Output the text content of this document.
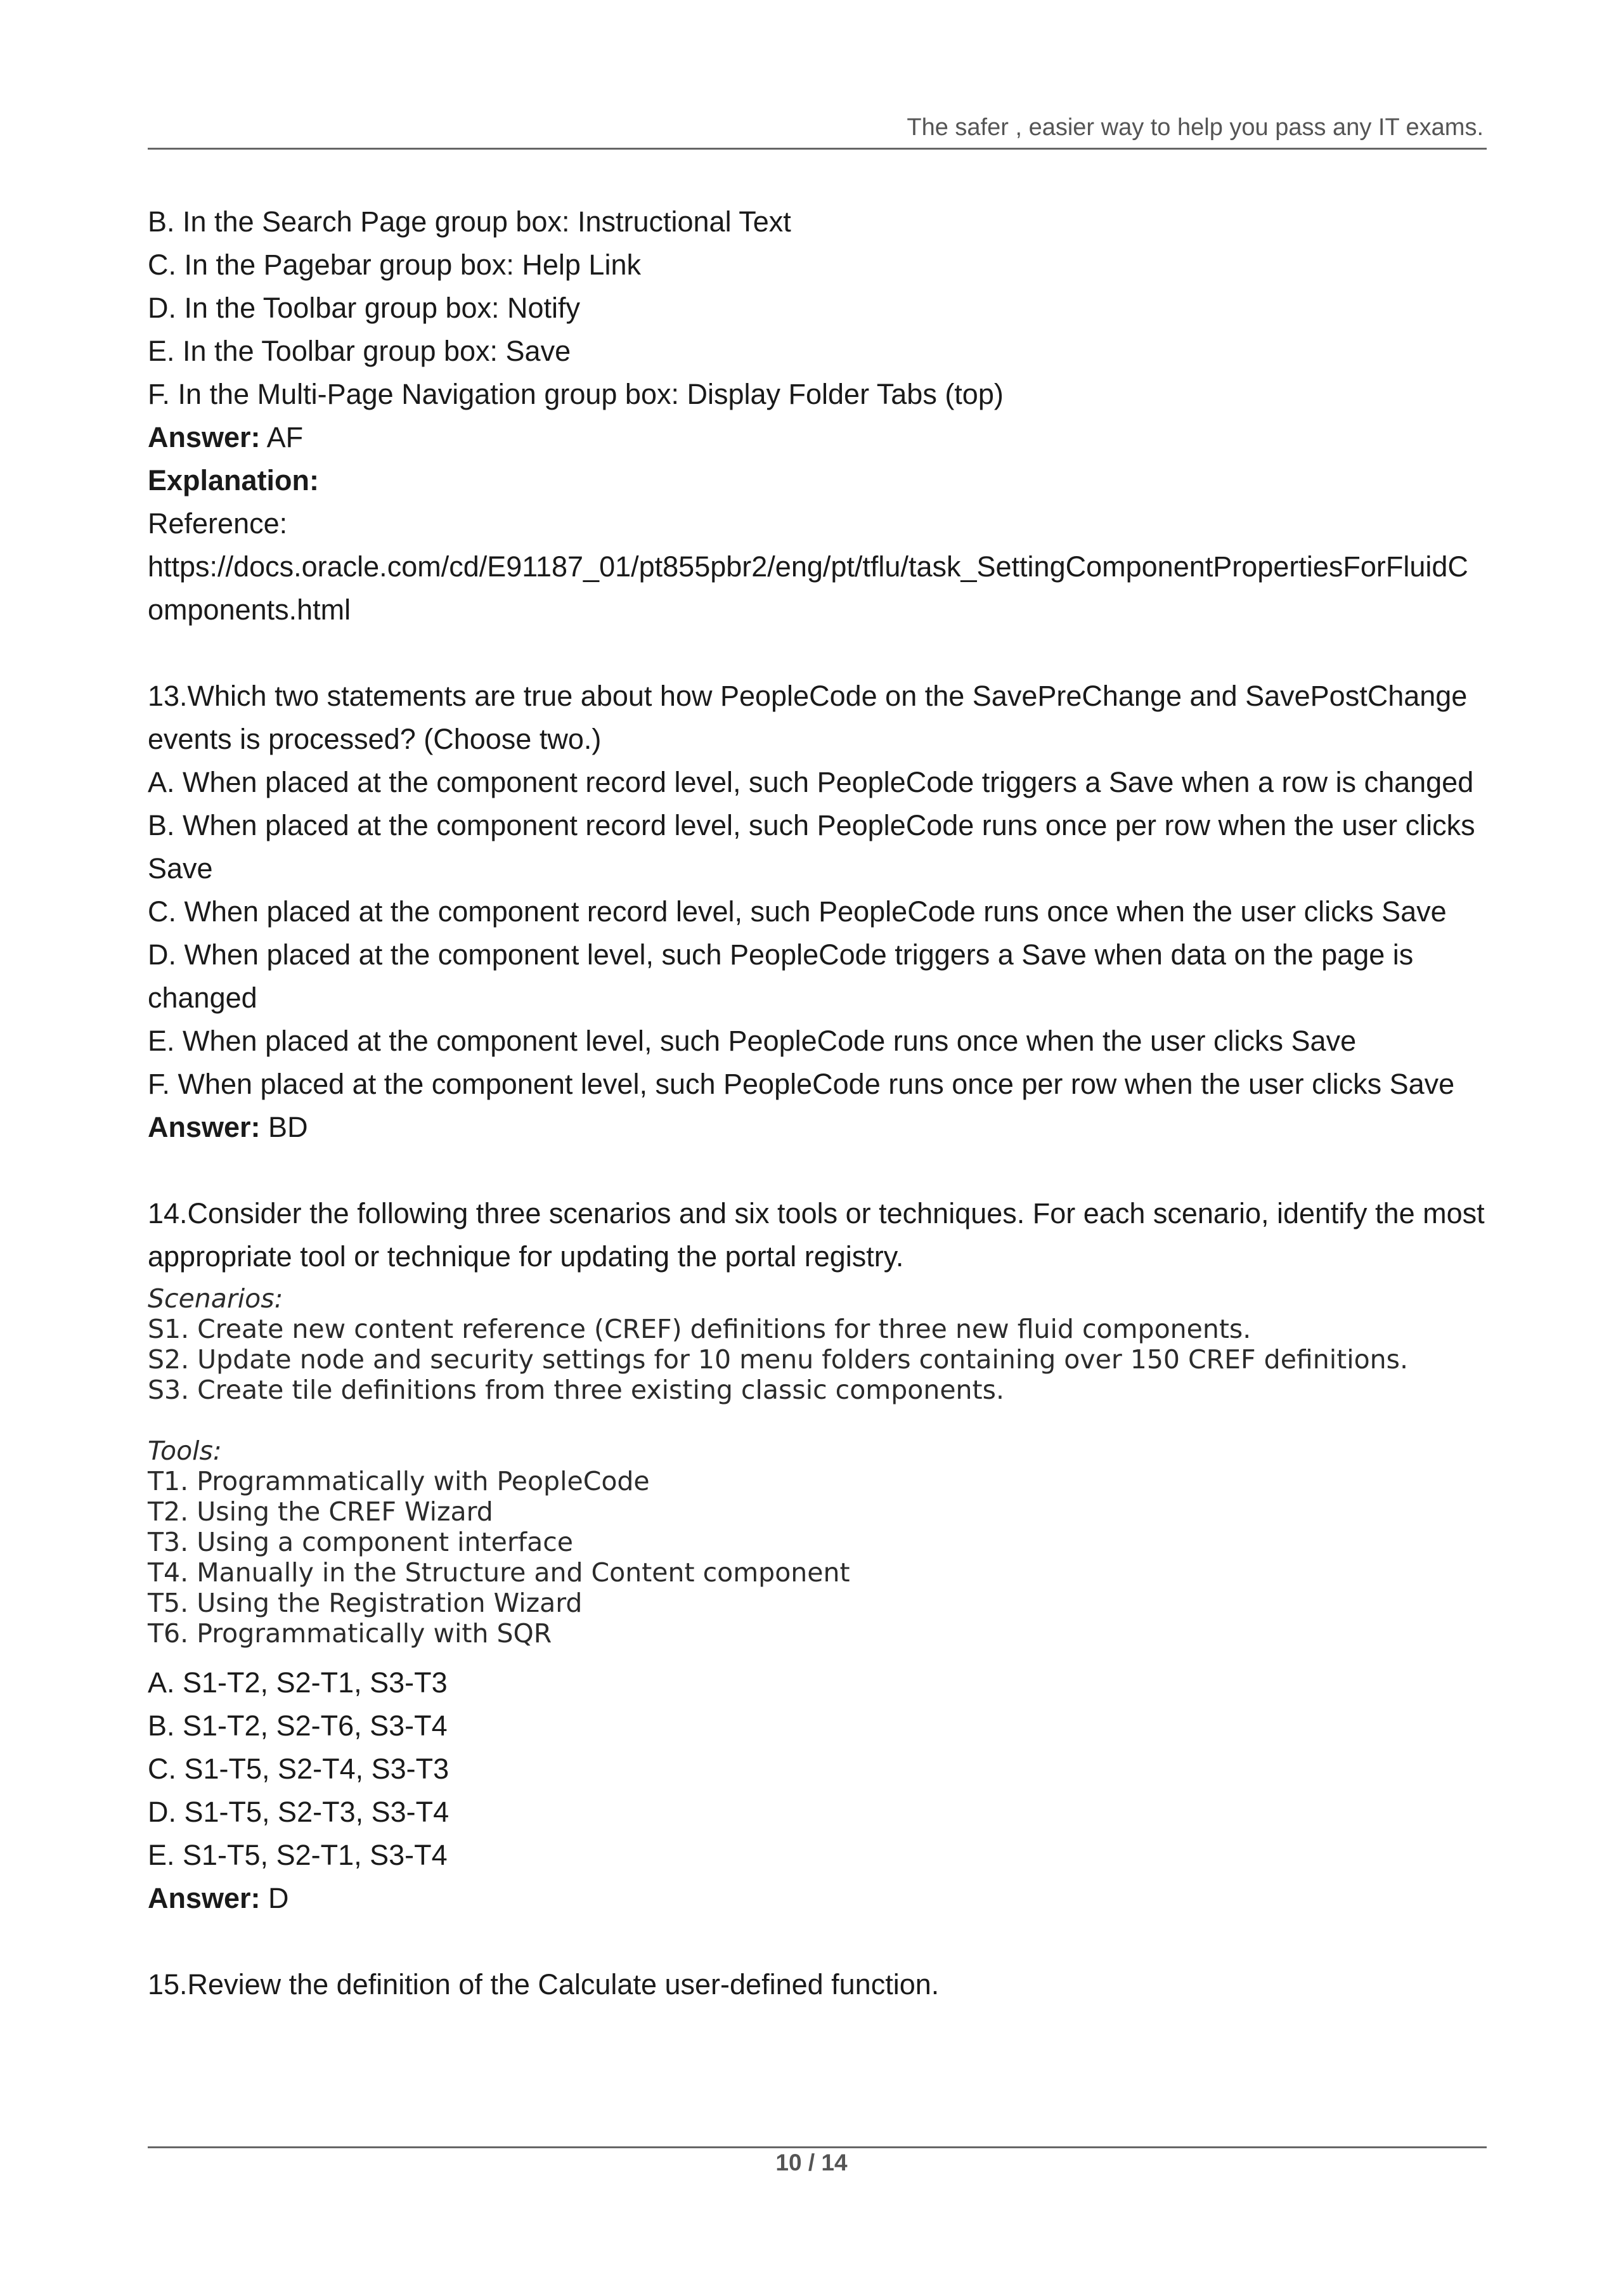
The safer , easier way to help you pass any IT exams.

B. In the Search Page group box: Instructional Text

C. In the Pagebar group box: Help Link

D. In the Toolbar group box: Notify

E. In the Toolbar group box: Save

F. In the Multi-Page Navigation group box: Display Folder Tabs (top)

Answer: AF

Explanation:

Reference:

https://docs.oracle.com/cd/E91187_01/pt855pbr2/eng/pt/tflu/task_SettingComponentPropertiesForFluidC

omponents.html

13.Which two statements are true about how PeopleCode on the SavePreChange and SavePostChange events is processed? (Choose two.)

A. When placed at the component record level, such PeopleCode triggers a Save when a row is changed

B. When placed at the component record level, such PeopleCode runs once per row when the user clicks Save

C. When placed at the component record level, such PeopleCode runs once when the user clicks Save

D. When placed at the component level, such PeopleCode triggers a Save when data on the page is changed

E. When placed at the component level, such PeopleCode runs once when the user clicks Save

F. When placed at the component level, such PeopleCode runs once per row when the user clicks Save

Answer: BD

14.Consider the following three scenarios and six tools or techniques. For each scenario, identify the most appropriate tool or technique for updating the portal registry.

Scenarios:

S1. Create new content reference (CREF) definitions for three new fluid components.

S2. Update node and security settings for 10 menu folders containing over 150 CREF definitions.

S3. Create tile definitions from three existing classic components.

Tools:

T1. Programmatically with PeopleCode

T2. Using the CREF Wizard

T3. Using a component interface

T4. Manually in the Structure and Content component

T5. Using the Registration Wizard

T6. Programmatically with SQR

A. S1-T2, S2-T1, S3-T3

B. S1-T2, S2-T6, S3-T4

C. S1-T5, S2-T4, S3-T3

D. S1-T5, S2-T3, S3-T4

E. S1-T5, S2-T1, S3-T4

Answer: D

15.Review the definition of the Calculate user-defined function.

10 / 14
